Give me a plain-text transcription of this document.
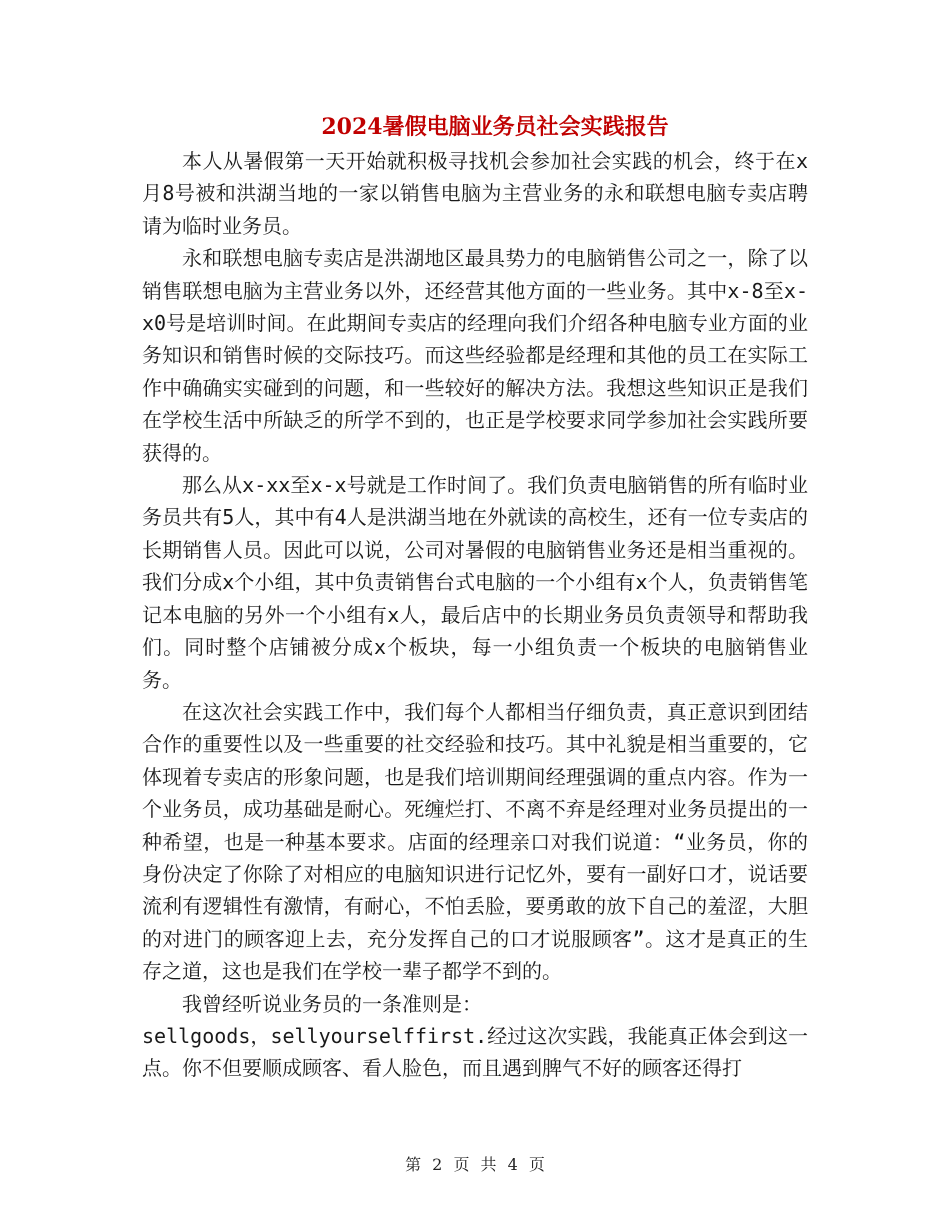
2024暑假电脑业务员社会实践报告

本人从暑假第一天开始就积极寻找机会参加社会实践的机会，终于在x月8号被和洪湖当地的一家以销售电脑为主营业务的永和联想电脑专卖店聘请为临时业务员。

永和联想电脑专卖店是洪湖地区最具势力的电脑销售公司之一，除了以销售联想电脑为主营业务以外，还经营其他方面的一些业务。其中x-8至x-x0号是培训时间。在此期间专卖店的经理向我们介绍各种电脑专业方面的业务知识和销售时候的交际技巧。而这些经验都是经理和其他的员工在实际工作中确确实实碰到的问题，和一些较好的解决方法。我想这些知识正是我们在学校生活中所缺乏的所学不到的，也正是学校要求同学参加社会实践所要获得的。

那么从x-xx至x-x号就是工作时间了。我们负责电脑销售的所有临时业务员共有5人，其中有4人是洪湖当地在外就读的高校生，还有一位专卖店的长期销售人员。因此可以说，公司对暑假的电脑销售业务还是相当重视的。我们分成x个小组，其中负责销售台式电脑的一个小组有x个人，负责销售笔记本电脑的另外一个小组有x人，最后店中的长期业务员负责领导和帮助我们。同时整个店铺被分成x个板块，每一小组负责一个板块的电脑销售业务。

在这次社会实践工作中，我们每个人都相当仔细负责，真正意识到团结合作的重要性以及一些重要的社交经验和技巧。其中礼貌是相当重要的，它体现着专卖店的形象问题，也是我们培训期间经理强调的重点内容。作为一个业务员，成功基础是耐心。死缠烂打、不离不弃是经理对业务员提出的一种希望，也是一种基本要求。店面的经理亲口对我们说道：“业务员，你的身份决定了你除了对相应的电脑知识进行记忆外，要有一副好口才，说话要流利有逻辑性有激情，有耐心，不怕丢脸，要勇敢的放下自己的羞涩，大胆的对进门的顾客迎上去，充分发挥自己的口才说服顾客”。这才是真正的生存之道，这也是我们在学校一辈子都学不到的。

我曾经听说业务员的一条准则是：

sellgoods，sellyourselffirst.经过这次实践，我能真正体会到这一点。你不但要顺成顾客、看人脸色，而且遇到脾气不好的顾客还得打

第 2 页 共 4 页
